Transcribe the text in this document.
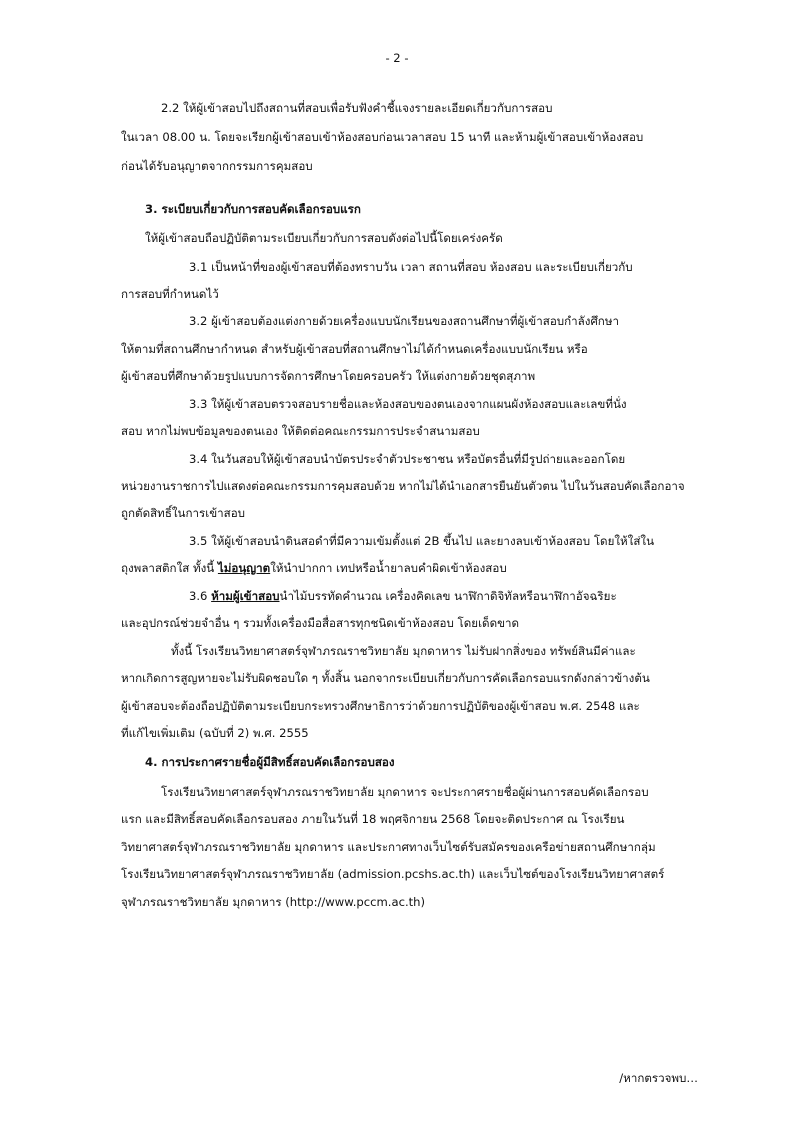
- 2 -
2.2 ให้ผู้เข้าสอบไปถึงสถานที่สอบเพื่อรับฟังคำชี้แจงรายละเอียดเกี่ยวกับการสอบ
ในเวลา 08.00 น. โดยจะเรียกผู้เข้าสอบเข้าห้องสอบก่อนเวลาสอบ 15 นาที และห้ามผู้เข้าสอบเข้าห้องสอบ
ก่อนได้รับอนุญาตจากกรรมการคุมสอบ
3. ระเบียบเกี่ยวกับการสอบคัดเลือกรอบแรก
ให้ผู้เข้าสอบถือปฏิบัติตามระเบียบเกี่ยวกับการสอบดังต่อไปนี้โดยเคร่งครัด
3.1 เป็นหน้าที่ของผู้เข้าสอบที่ต้องทราบวัน เวลา สถานที่สอบ ห้องสอบ และระเบียบเกี่ยวกับ
การสอบที่กำหนดไว้
3.2 ผู้เข้าสอบต้องแต่งกายด้วยเครื่องแบบนักเรียนของสถานศึกษาที่ผู้เข้าสอบกำลังศึกษา
ให้ตามที่สถานศึกษากำหนด สำหรับผู้เข้าสอบที่สถานศึกษาไม่ได้กำหนดเครื่องแบบนักเรียน หรือ
ผู้เข้าสอบที่ศึกษาด้วยรูปแบบการจัดการศึกษาโดยครอบครัว ให้แต่งกายด้วยชุดสุภาพ
3.3 ให้ผู้เข้าสอบตรวจสอบรายชื่อและห้องสอบของตนเองจากแผนผังห้องสอบและเลขที่นั่ง
สอบ หากไม่พบข้อมูลของตนเอง ให้ติดต่อคณะกรรมการประจำสนามสอบ
3.4 ในวันสอบให้ผู้เข้าสอบนำบัตรประจำตัวประชาชน หรือบัตรอื่นที่มีรูปถ่ายและออกโดย
หน่วยงานราชการไปแสดงต่อคณะกรรมการคุมสอบด้วย หากไม่ได้นำเอกสารยืนยันตัวตน ไปในวันสอบคัดเลือกอาจ
ถูกตัดสิทธิ์ในการเข้าสอบ
3.5 ให้ผู้เข้าสอบนำดินสอดำที่มีความเข้มตั้งแต่ 2B ขึ้นไป และยางลบเข้าห้องสอบ โดยให้ใส่ใน
ถุงพลาสติกใส ทั้งนี้ ไม่อนุญาตให้นำปากกา เทปหรือน้ำยาลบคำผิดเข้าห้องสอบ
3.6 ห้ามผู้เข้าสอบนำไม้บรรทัดคำนวณ เครื่องคิดเลข นาฬิกาดิจิทัลหรือนาฬิกาอัจฉริยะ
และอุปกรณ์ช่วยจำอื่น ๆ รวมทั้งเครื่องมือสื่อสารทุกชนิดเข้าห้องสอบ โดยเด็ดขาด
ทั้งนี้ โรงเรียนวิทยาศาสตร์จุฬาภรณราชวิทยาลัย มุกดาหาร ไม่รับฝากสิ่งของ ทรัพย์สินมีค่าและ
หากเกิดการสูญหายจะไม่รับผิดชอบใด ๆ ทั้งสิ้น นอกจากระเบียบเกี่ยวกับการคัดเลือกรอบแรกดังกล่าวข้างต้น
ผู้เข้าสอบจะต้องถือปฏิบัติตามระเบียบกระทรวงศึกษาธิการว่าด้วยการปฏิบัติของผู้เข้าสอบ พ.ศ. 2548 และ
ที่แก้ไขเพิ่มเติม (ฉบับที่ 2) พ.ศ. 2555
4. การประกาศรายชื่อผู้มีสิทธิ์สอบคัดเลือกรอบสอง
โรงเรียนวิทยาศาสตร์จุฬาภรณราชวิทยาลัย มุกดาหาร จะประกาศรายชื่อผู้ผ่านการสอบคัดเลือกรอบ
แรก และมีสิทธิ์สอบคัดเลือกรอบสอง ภายในวันที่ 18 พฤศจิกายน 2568 โดยจะติดประกาศ ณ โรงเรียน
วิทยาศาสตร์จุฬาภรณราชวิทยาลัย มุกดาหาร และประกาศทางเว็บไซต์รับสมัครของเครือข่ายสถานศึกษากลุ่ม
โรงเรียนวิทยาศาสตร์จุฬาภรณราชวิทยาลัย (admission.pcshs.ac.th) และเว็บไซต์ของโรงเรียนวิทยาศาสตร์
จุฬาภรณราชวิทยาลัย มุกดาหาร (http://www.pccm.ac.th)
/หากตรวจพบ…
